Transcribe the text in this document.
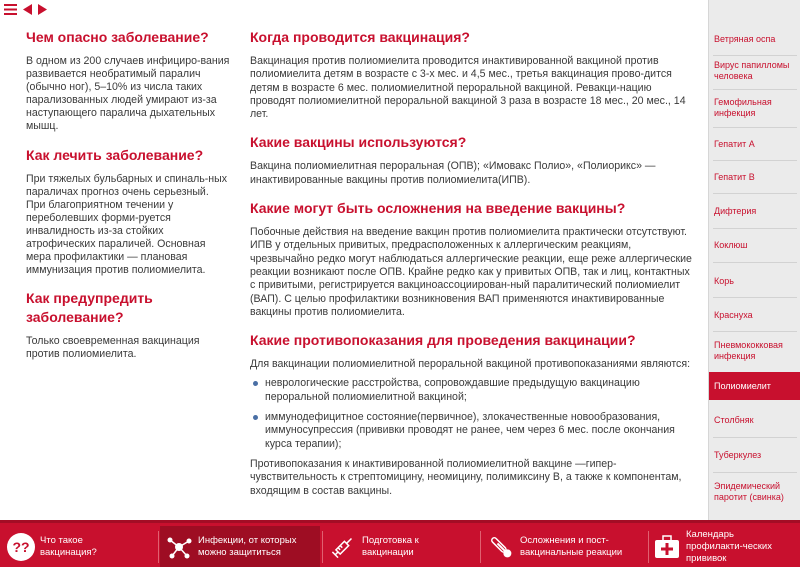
Чем опасно заболевание?

В одном из 200 случаев инфициро-вания развивается необратимый паралич (обычно ног), 5–10% из числа таких парализованных людей умирают из-за наступающего паралича дыхательных мышц.

Как лечить заболевание?

При тяжелых бульбарных и спиналь-ных параличах прогноз очень серьезный. При благоприятном течении у переболевших форми-руется инвалидность из-за стойких атрофических параличей. Основная мера профилактики — плановая иммунизация против полиомиелита.

Как предупредить заболевание?

Только своевременная вакцинация против полиомиелита.

Когда проводится вакцинация?

Вакцинация против полиомиелита проводится инактивированной вакциной против полиомиелита детям в возрасте с 3-х мес. и 4,5 мес., третья вакцинация прово-дится детям в возрасте 6 мес. полиомиелитной пероральной вакциной. Ревакци-нацию проводят полиомиелитной пероральной вакциной 3 раза в возрасте 18 мес., 20 мес., 14 лет.

Какие вакцины используются?

Вакцина полиомиелитная пероральная (ОПВ); «Имовакс Полио», «Полиорикс» — инактивированные вакцины против полиомиелита(ИПВ).

Какие могут быть осложнения на введение вакцины?

Побочные действия на введение вакцин против полиомиелита практически отсутствуют. ИПВ у отдельных привитых, предрасположенных к аллергическим реакциям, чрезвычайно редко могут наблюдаться аллергические реакции, еще реже аллергические реакции возникают после ОПВ. Крайне редко как у привитых ОПВ, так и лиц, контактных с привитыми, регистрируется вакцинoассоциирован-ный паралитический полиомиелит (ВАП). С целью профилактики возникновения ВАП применяются инактивированные вакцины против полиомиелита.

Какие противопоказания для проведения вакцинации?

Для вакцинации полиомиелитной пероральной вакциной противопоказаниями являются:

неврологические расстройства, сопровождавшие предыдущую вакцинацию пероральной полиомиелитной вакциной;
иммунодефицитное состояние(первичное), злокачественные новообразования, иммуносупрессия (прививки проводят не ранее, чем через 6 мес. после окончания курса терапии);

Противопоказания к инактивированной полиомиелитной вакцине —гипер-чувствительность к стрептомицину, неомицину, полимиксину В, а также к компонентам, входящим в состав вакцины.

Ветряная оспа
Вирус папилломы человека
Гемофильная инфекция
Гепатит А
Гепатит В
Дифтерия
Коклюш
Корь
Краснуха
Пневмококковая инфекция
Полиомиелит
Столбняк
Туберкулез
Эпидемический паротит (свинка)
?? Что такое вакцинация?
Инфекции, от которых можно защититься
Подготовка к вакцинации
Осложнения и пост-вакцинальные реакции
Календарь профилакти-ческих прививок
